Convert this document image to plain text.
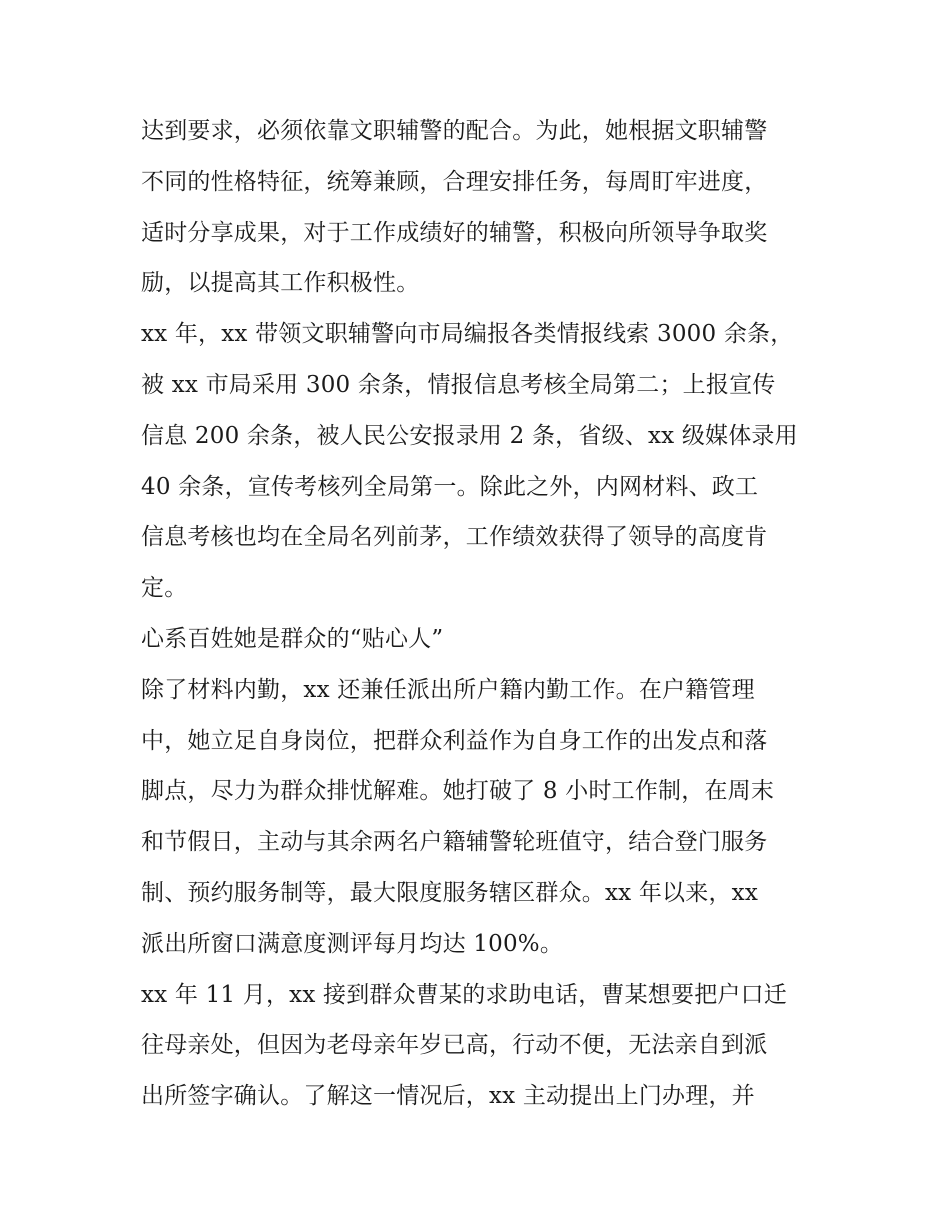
达到要求，必须依靠文职辅警的配合。为此，她根据文职辅警
不同的性格特征，统筹兼顾，合理安排任务，每周盯牢进度，
适时分享成果，对于工作成绩好的辅警，积极向所领导争取奖
励，以提高其工作积极性。
xx 年，xx 带领文职辅警向市局编报各类情报线索 3000 余条，
被 xx 市局采用 300 余条，情报信息考核全局第二；上报宣传
信息 200 余条，被人民公安报录用 2 条，省级、xx 级媒体录用
40 余条，宣传考核列全局第一。除此之外，内网材料、政工
信息考核也均在全局名列前茅，工作绩效获得了领导的高度肯
定。
心系百姓她是群众的“贴心人”
除了材料内勤，xx 还兼任派出所户籍内勤工作。在户籍管理
中，她立足自身岗位，把群众利益作为自身工作的出发点和落
脚点，尽力为群众排忧解难。她打破了 8 小时工作制，在周末
和节假日，主动与其余两名户籍辅警轮班值守，结合登门服务
制、预约服务制等，最大限度服务辖区群众。xx 年以来，xx
派出所窗口满意度测评每月均达 100%。
xx 年 11 月，xx 接到群众曹某的求助电话，曹某想要把户口迁
往母亲处，但因为老母亲年岁已高，行动不便，无法亲自到派
出所签字确认。了解这一情况后，xx 主动提出上门办理，并
